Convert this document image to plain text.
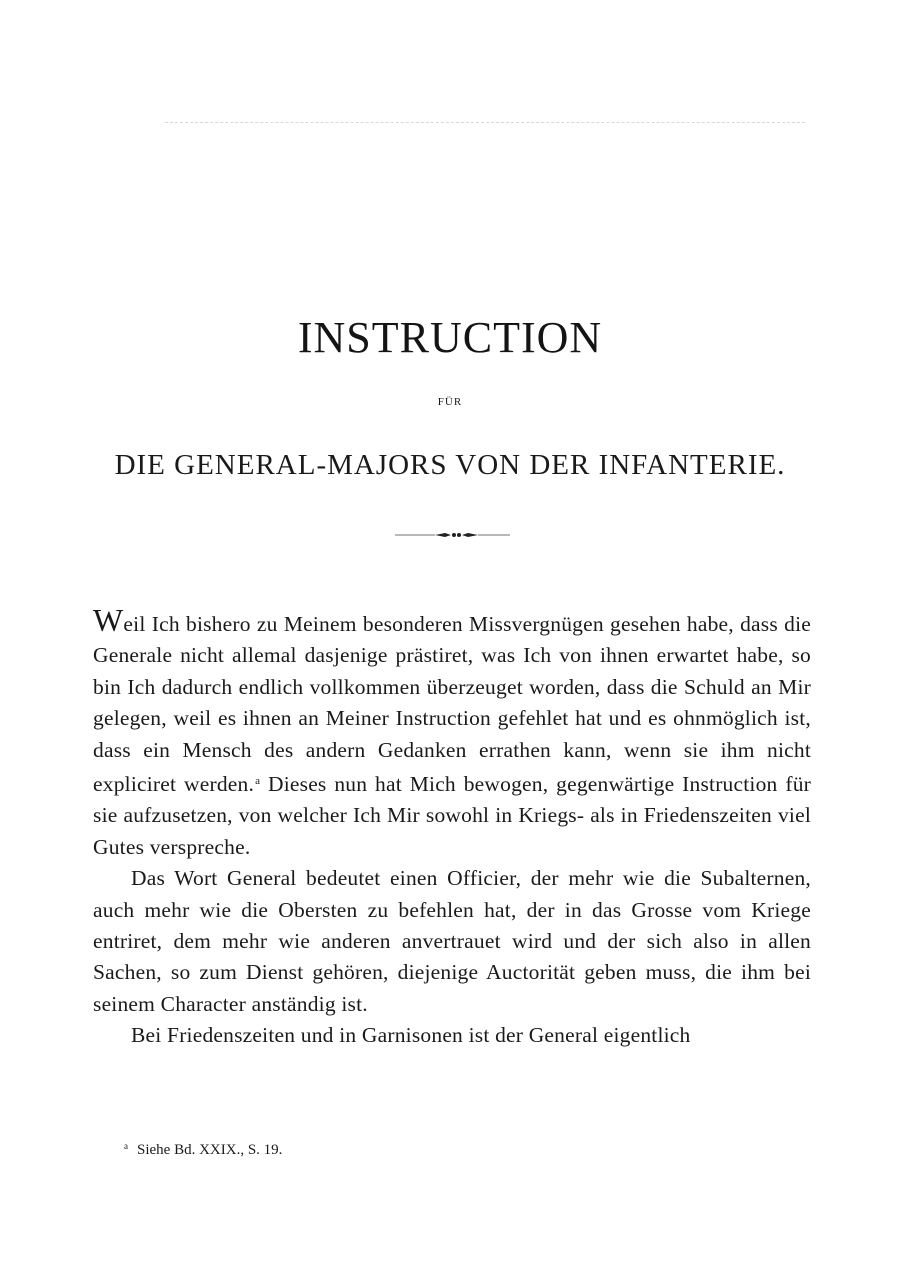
INSTRUCTION
FÜR
DIE GENERAL-MAJORS VON DER INFANTERIE.

Weil Ich bishero zu Meinem besonderen Missvergnügen gesehen habe, dass die Generale nicht allemal dasjenige prästiret, was Ich von ihnen erwartet habe, so bin Ich dadurch endlich vollkommen überzeuget worden, dass die Schuld an Mir gelegen, weil es ihnen an Meiner Instruction gefehlet hat und es ohnmöglich ist, dass ein Mensch des andern Gedanken errathen kann, wenn sie ihm nicht expliciret werden.$^a$ Dieses nun hat Mich bewogen, gegenwärtige Instruction für sie aufzusetzen, von welcher Ich Mir sowohl in Kriegs- als in Friedenszeiten viel Gutes verspreche.

Das Wort General bedeutet einen Officier, der mehr wie die Subalternen, auch mehr wie die Obersten zu befehlen hat, der in das Grosse vom Kriege entriret, dem mehr wie anderen anvertrauet wird und der sich also in allen Sachen, so zum Dienst gehören, diejenige Auctorität geben muss, die ihm bei seinem Character anständig ist.

Bei Friedenszeiten und in Garnisonen ist der General eigentlich

$^a$ Siehe Bd. XXIX., S. 19.
